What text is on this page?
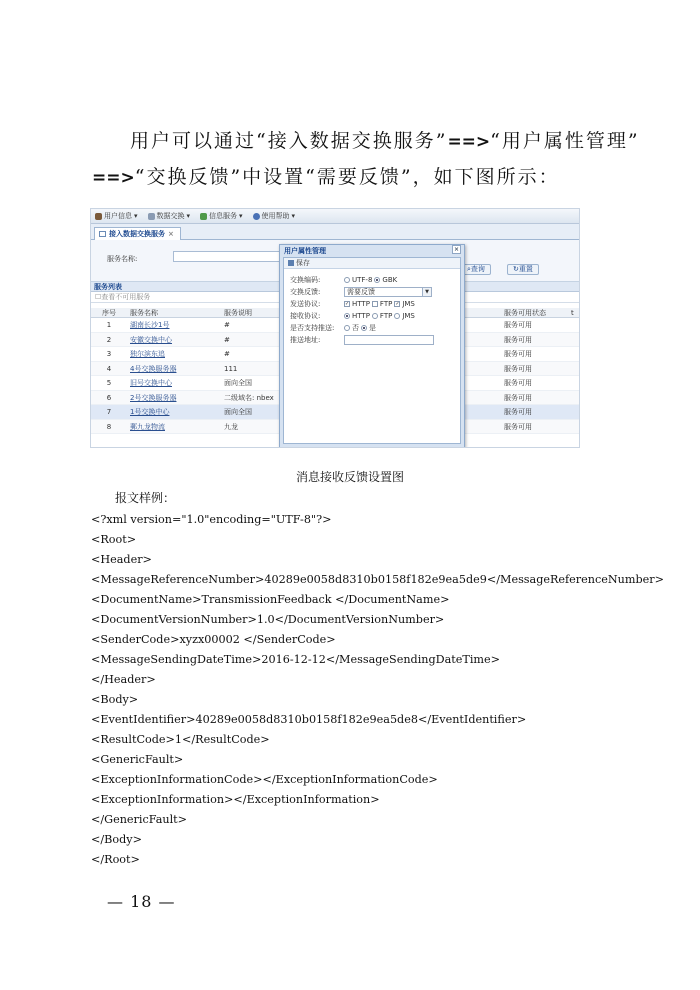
用户可以通过“接入数据交换服务”==>“用户属性管理”
==>“交换反馈”中设置“需要反馈”，如下图所示：
用户信息 ▾	数据交换 ▾	信息服务 ▾	使用帮助 ▾
接入数据交换服务 ×
服务名称:
⌕查询	↻重置
服务列表
☐查看不可用服务
序号	服务名称	服务说明	服务可用状态	t
1	湖南长沙1号	#	服务可用
2	安徽交换中心	#	服务可用
3	独尔滨东追	#	服务可用
4	4号交换服务器	111	服务可用
5	旧号交换中心	面向全国	服务可用
6	2号交换服务器	二级域名: nbex	服务可用
7	1号交换中心	面向全国	服务可用
8	郵九龙物流	九龙	服务可用
用户属性管理	×
保存
交换编码:	UTF-8 GBK
交换反馈:	需要反馈	▼
发送协议:	✓ HTTP FTP ✓ JMS
接收协议:	HTTP FTP JMS
是否支持推送:	否 是
推送地址:
消息接收反馈设置图
报文样例：
<?xml version="1.0"encoding="UTF-8"?>
<Root>
<Header>
<MessageReferenceNumber>40289e0058d8310b0158f182e9ea5de9</MessageReferenceNumber>
<DocumentName>TransmissionFeedback </DocumentName>
<DocumentVersionNumber>1.0</DocumentVersionNumber>
<SenderCode>xyzx00002 </SenderCode>
<MessageSendingDateTime>2016-12-12</MessageSendingDateTime>
</Header>
<Body>
<EventIdentifier>40289e0058d8310b0158f182e9ea5de8</EventIdentifier>
<ResultCode>1</ResultCode>
<GenericFault>
<ExceptionInformationCode></ExceptionInformationCode>
<ExceptionInformation></ExceptionInformation>
</GenericFault>
</Body>
</Root>
— 18 —
